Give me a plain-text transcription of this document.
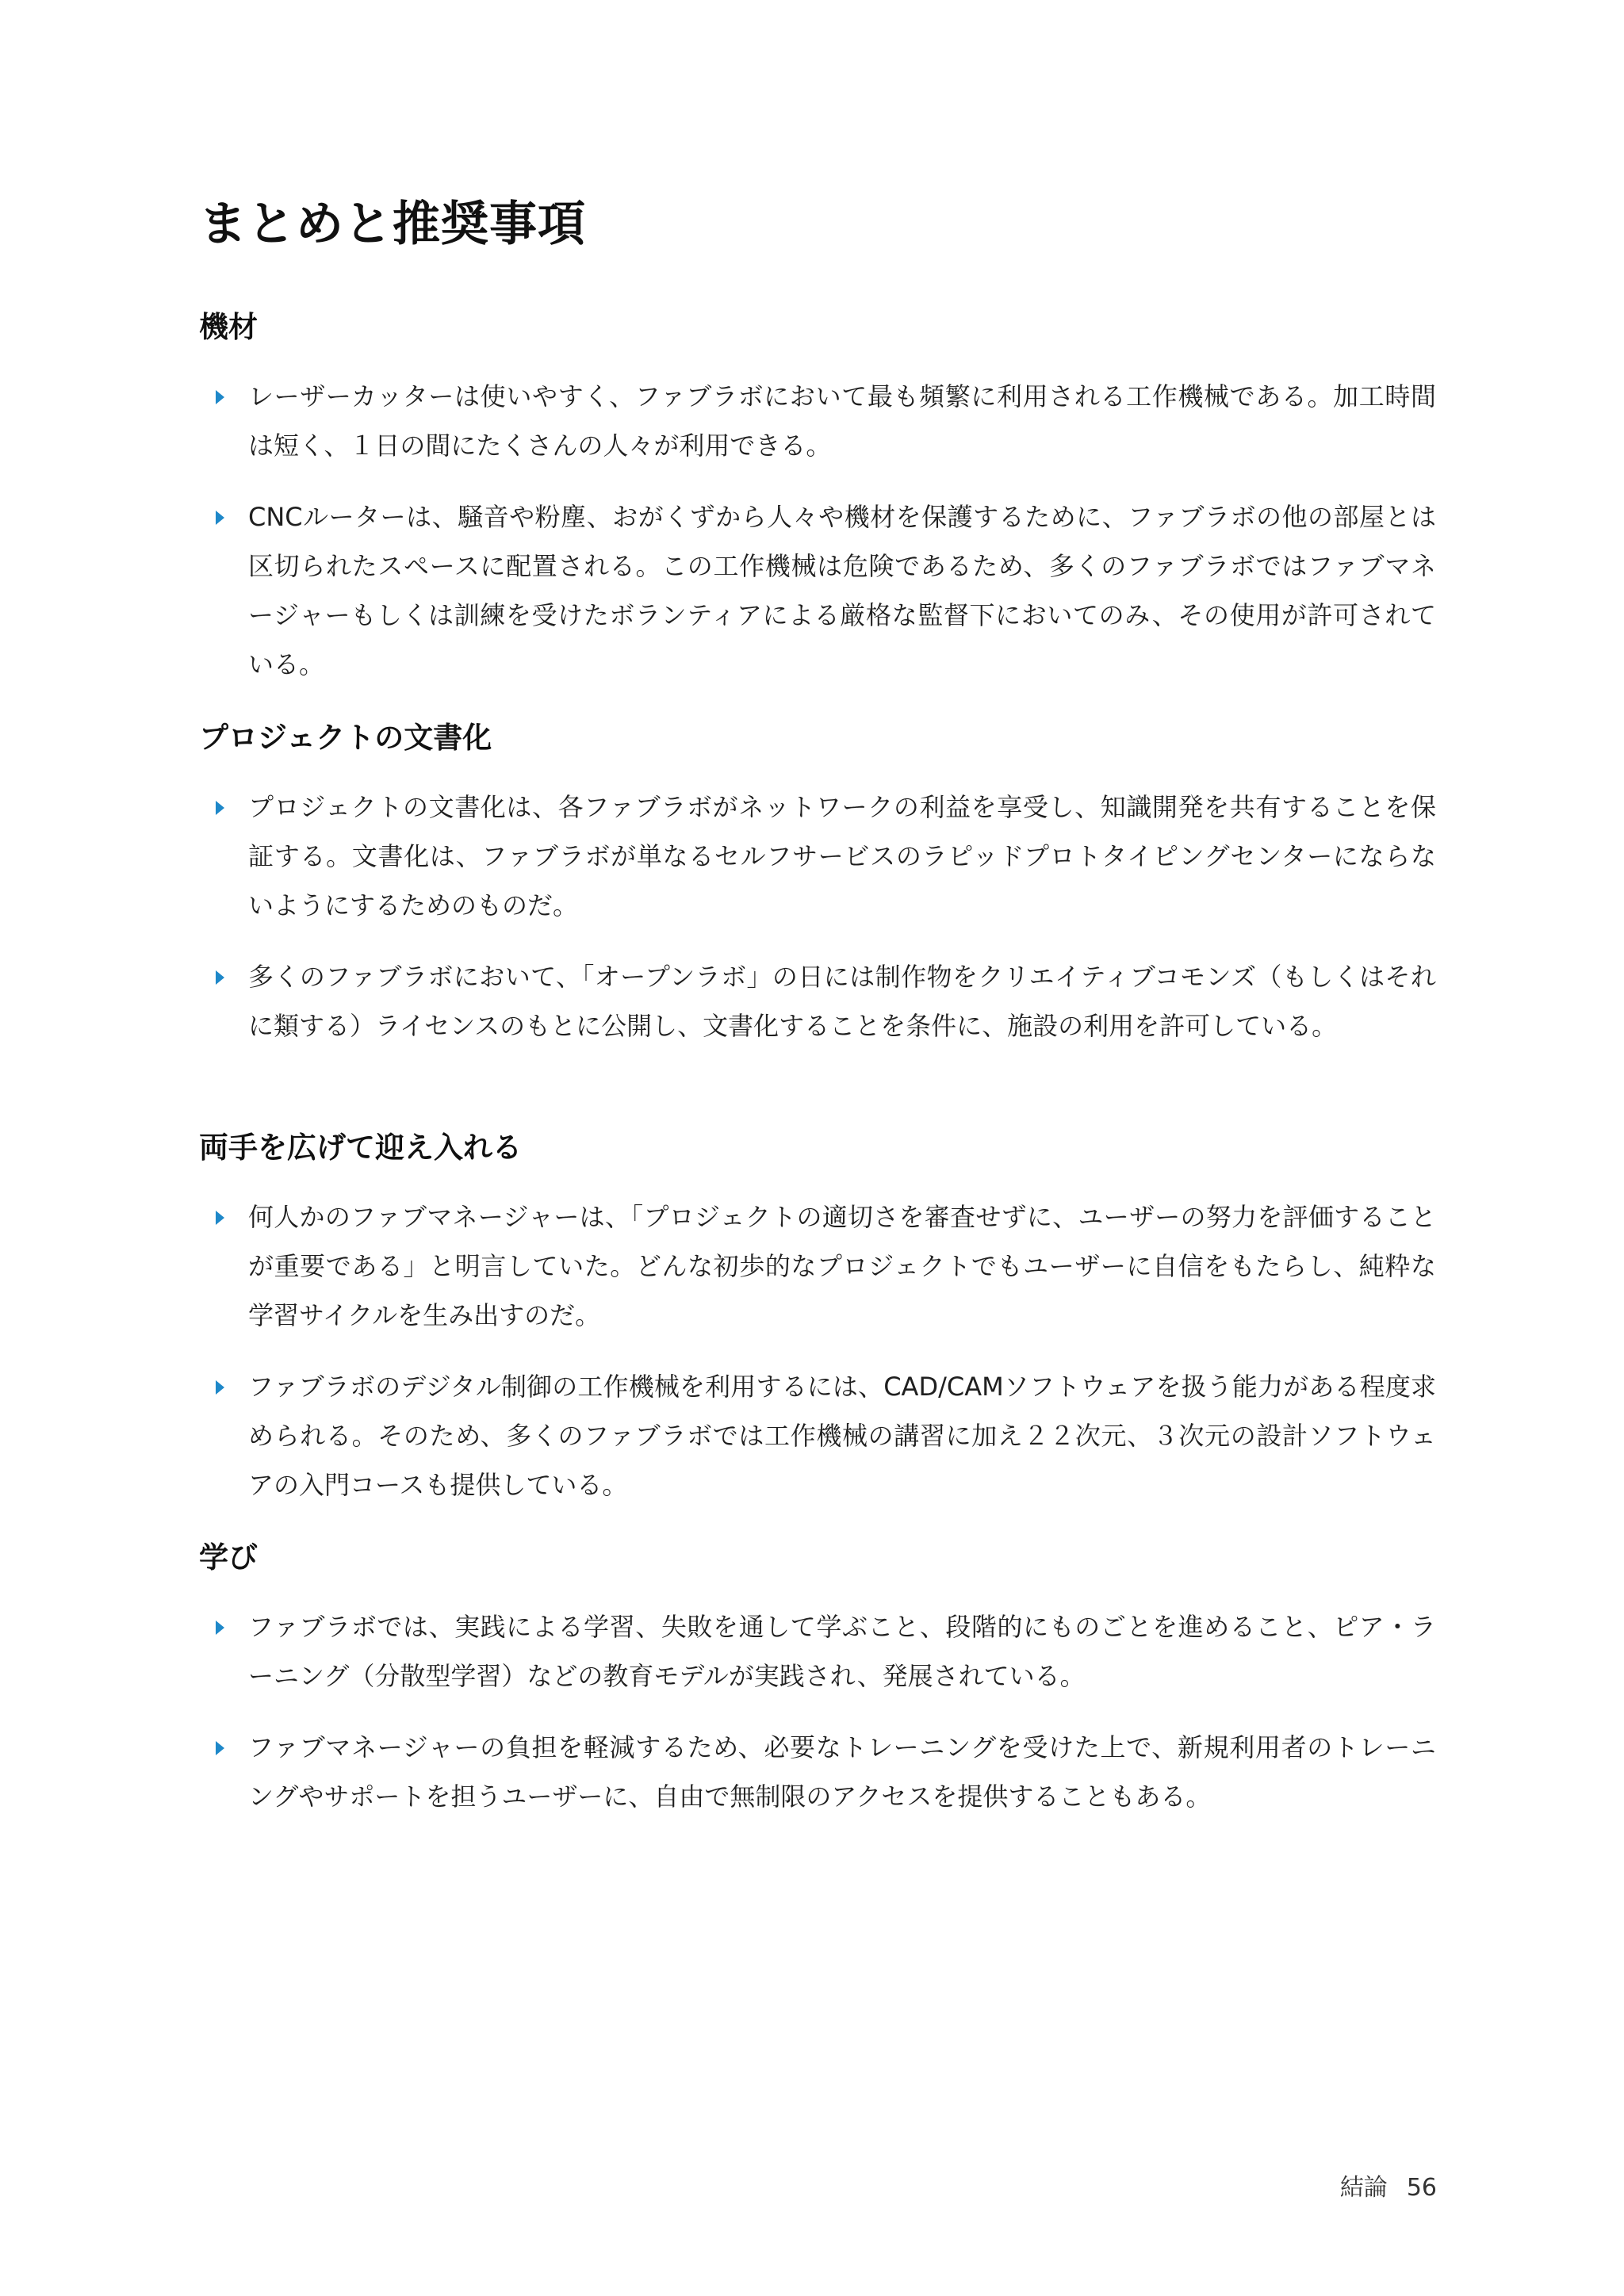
まとめと推奨事項
機材
レーザーカッターは使いやすく、ファブラボにおいて最も頻繁に利用される工作機械である。加工時間は短く、１日の間にたくさんの人々が利用できる。
CNCルーターは、騒音や粉塵、おがくずから人々や機材を保護するために、ファブラボの他の部屋とは区切られたスペースに配置される。この工作機械は危険であるため、多くのファブラボではファブマネージャーもしくは訓練を受けたボランティアによる厳格な監督下においてのみ、その使用が許可されている。
プロジェクトの文書化
プロジェクトの文書化は、各ファブラボがネットワークの利益を享受し、知識開発を共有することを保証する。文書化は、ファブラボが単なるセルフサービスのラピッドプロトタイピングセンターにならないようにするためのものだ。
多くのファブラボにおいて、「オープンラボ」の日には制作物をクリエイティブコモンズ（もしくはそれに類する）ライセンスのもとに公開し、文書化することを条件に、施設の利用を許可している。
両手を広げて迎え入れる
何人かのファブマネージャーは、「プロジェクトの適切さを審査せずに、ユーザーの努力を評価することが重要である」と明言していた。どんな初歩的なプロジェクトでもユーザーに自信をもたらし、純粋な学習サイクルを生み出すのだ。
ファブラボのデジタル制御の工作機械を利用するには、CAD/CAMソフトウェアを扱う能力がある程度求められる。そのため、多くのファブラボでは工作機械の講習に加え２２次元、３次元の設計ソフトウェアの入門コースも提供している。
学び
ファブラボでは、実践による学習、失敗を通して学ぶこと、段階的にものごとを進めること、ピア・ラーニング（分散型学習）などの教育モデルが実践され、発展されている。
ファブマネージャーの負担を軽減するため、必要なトレーニングを受けた上で、新規利用者のトレーニングやサポートを担うユーザーに、自由で無制限のアクセスを提供することもある。
結論 56
